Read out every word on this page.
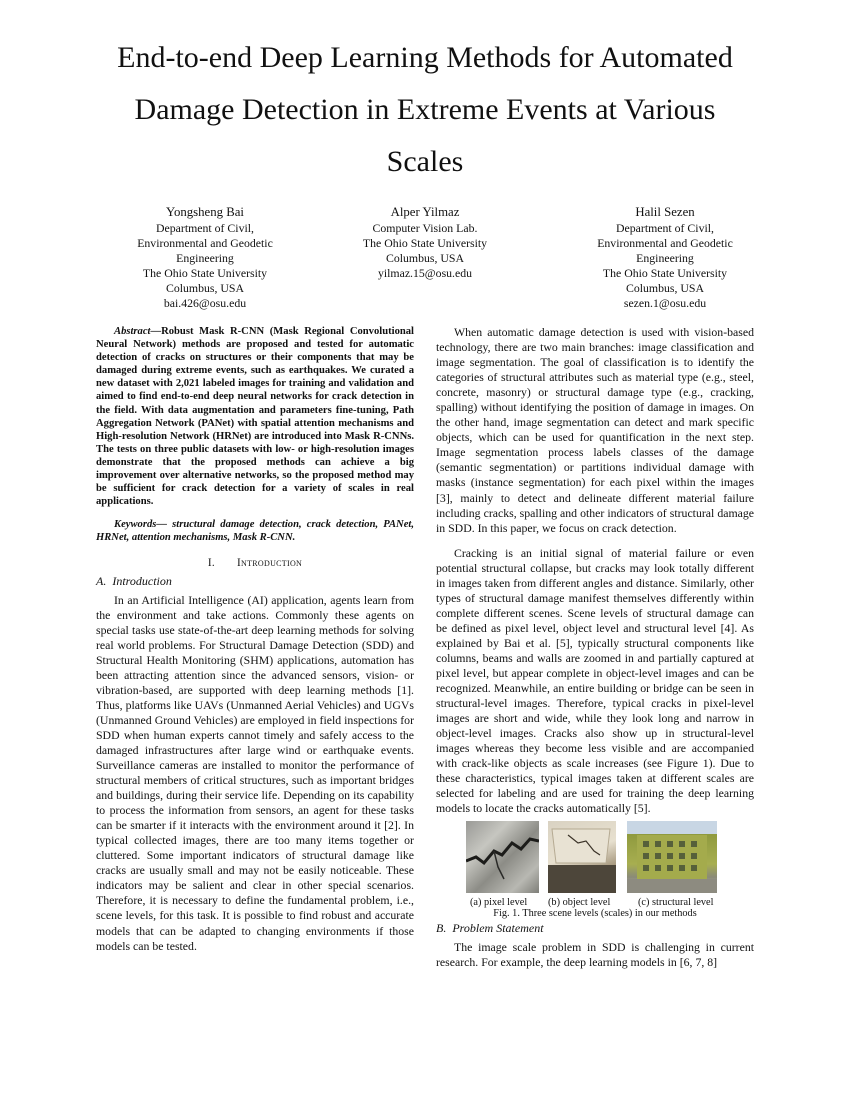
End-to-end Deep Learning Methods for Automated
Damage Detection in Extreme Events at Various
Scales
Yongsheng Bai
Department of Civil,
Environmental and Geodetic
Engineering
The Ohio State University
Columbus, USA
bai.426@osu.edu
Alper Yilmaz
Computer Vision Lab.
The Ohio State University
Columbus, USA
yilmaz.15@osu.edu
Halil Sezen
Department of Civil,
Environmental and Geodetic
Engineering
The Ohio State University
Columbus, USA
sezen.1@osu.edu

Abstract—Robust Mask R-CNN (Mask Regional Convolutional Neural Network) methods are proposed and tested for automatic detection of cracks on structures or their components that may be damaged during extreme events, such as earthquakes. We curated a new dataset with 2,021 labeled images for training and validation and aimed to find end-to-end deep neural networks for crack detection in the field. With data augmentation and parameters fine-tuning, Path Aggregation Network (PANet) with spatial attention mechanisms and High-resolution Network (HRNet) are introduced into Mask R-CNNs. The tests on three public datasets with low- or high-resolution images demonstrate that the proposed methods can achieve a big improvement over alternative networks, so the proposed method may be sufficient for crack detection for a variety of scales in real applications.

Keywords— structural damage detection, crack detection, PANet, HRNet, attention mechanisms, Mask R-CNN.

I. Introduction
A. Introduction

In an Artificial Intelligence (AI) application, agents learn from the environment and take actions. Commonly these agents on special tasks use state-of-the-art deep learning methods for solving real world problems. For Structural Damage Detection (SDD) and Structural Health Monitoring (SHM) applications, automation has been attracting attention since the advanced sensors, vision- or vibration-based, are supported with deep learning methods [1]. Thus, platforms like UAVs (Unmanned Aerial Vehicles) and UGVs (Unmanned Ground Vehicles) are employed in field inspections for SDD when human experts cannot timely and safely access to the damaged infrastructures after large wind or earthquake events. Surveillance cameras are installed to monitor the performance of structural members of critical structures, such as important bridges and buildings, during their service life. Depending on its capability to process the information from sensors, an agent for these tasks can be smarter if it interacts with the environment around it [2]. In typical collected images, there are too many items together or cluttered. Some important indicators of structural damage like cracks are usually small and may not be easily noticeable. These indicators may be salient and clear in other special scenarios. Therefore, it is necessary to define the fundamental problem, i.e., scene levels, for this task. It is possible to find robust and accurate models that can be adapted to changing environments if those models can be tested.

When automatic damage detection is used with vision-based technology, there are two main branches: image classification and image segmentation. The goal of classification is to identify the categories of structural attributes such as material type (e.g., steel, concrete, masonry) or structural damage type (e.g., cracking, spalling) without identifying the position of damage in images. On the other hand, image segmentation can detect and mark specific objects, which can be used for quantification in the next step. Image segmentation process labels classes of the damage (semantic segmentation) or partitions individual damage with masks (instance segmentation) for each pixel within the images [3], mainly to detect and delineate different material failure including cracks, spalling and other indicators of structural damage in SDD. In this paper, we focus on crack detection.

Cracking is an initial signal of material failure or even potential structural collapse, but cracks may look totally different in images taken from different angles and distance. Similarly, other types of structural damage manifest themselves differently within complete different scenes. Scene levels of structural damage can be defined as pixel level, object level and structural level [4]. As explained by Bai et al. [5], typically structural components like columns, beams and walls are zoomed in and partially captured at pixel level, but appear complete in object-level images and can be recognized. Meanwhile, an entire building or bridge can be seen in structural-level images. Therefore, typical cracks in pixel-level images are short and wide, while they look long and narrow in object-level images. Cracks also show up in structural-level images whereas they become less visible and are accompanied with crack-like objects as scale increases (see Figure 1). Due to these characteristics, typical images taken at different scales are selected for labeling and are used for training the deep learning models to locate the cracks automatically [5].

(a) pixel level (b) object level	(c) structural level
Fig. 1. Three scene levels (scales) in our methods
B. Problem Statement

The image scale problem in SDD is challenging in current research. For example, the deep learning models in [6, 7, 8]
